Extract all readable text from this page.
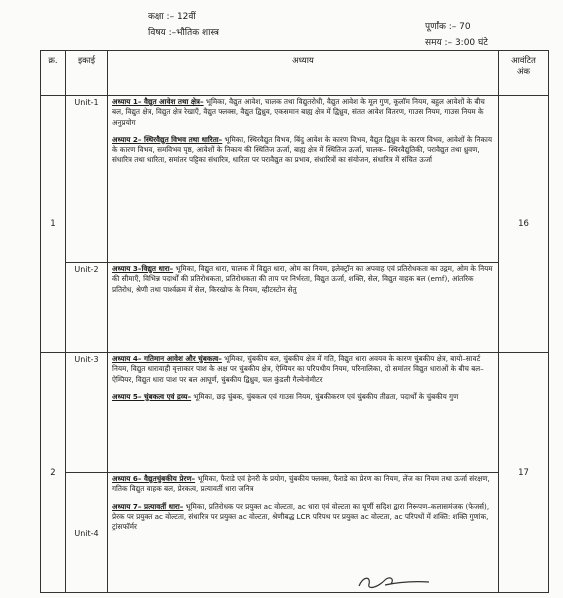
कक्षा :– 12वीं
विषय :–भौतिक शास्त्र
पूर्णांक :– 70
समय :– 3:00 घंटे
क्र.	इकाई	अध्याय	आवंटित अंक
1	Unit-1	अध्याय 1– वैद्युत आवेश तथा क्षेत्र– भूमिका, वैद्युत आवेश, चालक तथा विद्युतरोधी, वैद्युत आवेश के मूल गुण, कूलॉम नियम, बहुल आवेशों के बीच बल, विद्युत क्षेत्र, विद्युत क्षेत्र रेखाएँ, वैद्युत फ्लक्स, वैद्युत द्विध्रुव, एकसमान बाह्य क्षेत्र में द्विध्रुव, संतत आवेश वितरण, गाउस नियम, गाउस नियम के अनुप्रयोग

अध्याय 2– स्थिरवैद्युत विभव तथा धारिता– भूमिका, स्थिरवैद्युत विभव, बिंदु आवेश के कारण विभव, वैद्युत द्विध्रुव के कारण विभव, आवेशों के निकाय के कारण विभव, समविभव पृष्ठ, आवेशों के निकाय की स्थितिज ऊर्जा, बाह्य क्षेत्र में स्थितिज ऊर्जा, चालक– स्थिरवैद्युतिकी, परावैद्युत तथा ध्रुवण, संधारित्र तथा धारिता, समांतर पट्टिका संधारित्र, धारिता पर परावैद्युत का प्रभाव, संधारित्रों का संयोजन, संधारित्र में संचित ऊर्जा	16
	Unit-2	अध्याय 3–विद्युत धारा– भूमिका, विद्युत धारा, चालक में विद्युत धारा, ओम का नियम, इलेक्ट्रॉन का अपवाह एवं प्रतिरोधकता का उद्गम, ओम के नियम की सीमाएँ, विभिन्न पदार्थों की प्रतिरोधकता, प्रतिरोधकता की ताप पर निर्भरता, विद्युत ऊर्जा, शक्ति, सेल, विद्युत वाहक बल (emf), आंतरिक प्रतिरोध, श्रेणी तथा पार्श्वक्रम में सेल, किरखोफ के नियम, व्हीटस्टोन सेतु	

2	Unit-3	अध्याय 4– गतिमान आवेश और चुंबकत्व– भूमिका, चुंबकीय बल, चुंबकीय क्षेत्र में गति, विद्युत धारा अवयव के कारण चुंबकीय क्षेत्र, बायो–सावर्ट नियम, विद्युत धारावाही वृत्ताकार पाश के अक्ष पर चुंबकीय क्षेत्र, ऐम्पियर का परिपथीय नियम, परिनालिका, दो समांतर विद्युत धाराओं के बीच बल–ऐम्पियर, विद्युत धारा पाश पर बल आघूर्ण, चुंबकीय द्विध्रुव, चल कुंडली गैल्वेनोमीटर

अध्याय 5– चुंबकत्व एवं द्रव्य– भूमिका, छड़ चुंबक, चुंबकत्व एवं गाउस नियम, चुंबकीकरण एवं चुंबकीय तीव्रता, पदार्थों के चुंबकीय गुण	17
	Unit-4	अध्याय 6– वैद्युतचुंबकीय प्रेरण– भूमिका, फैराडे एवं हेनरी के प्रयोग, चुंबकीय फ्लक्स, फैराडे का प्रेरण का नियम, लेंज का नियम तथा ऊर्जा संरक्षण, गतिक विद्युत वाहक बल, प्रेरकत्व, प्रत्यावर्ती धारा जनित्र

अध्याय 7– प्रत्यावर्ती धारा– भूमिका, प्रतिरोधक पर प्रयुक्त ac वोल्टता, ac धारा एवं वोल्टता का घूर्णी सदिश द्वारा निरूपण–कलासमंजक (फेजर्स), प्रेरक पर प्रयुक्त ac वोल्टता, संधारित्र पर प्रयुक्त ac वोल्टता, श्रेणीबद्ध LCR परिपथ पर प्रयुक्त ac वोल्टता, ac परिपथों में शक्ति: शक्ति गुणांक, ट्रांसफॉर्मर	
